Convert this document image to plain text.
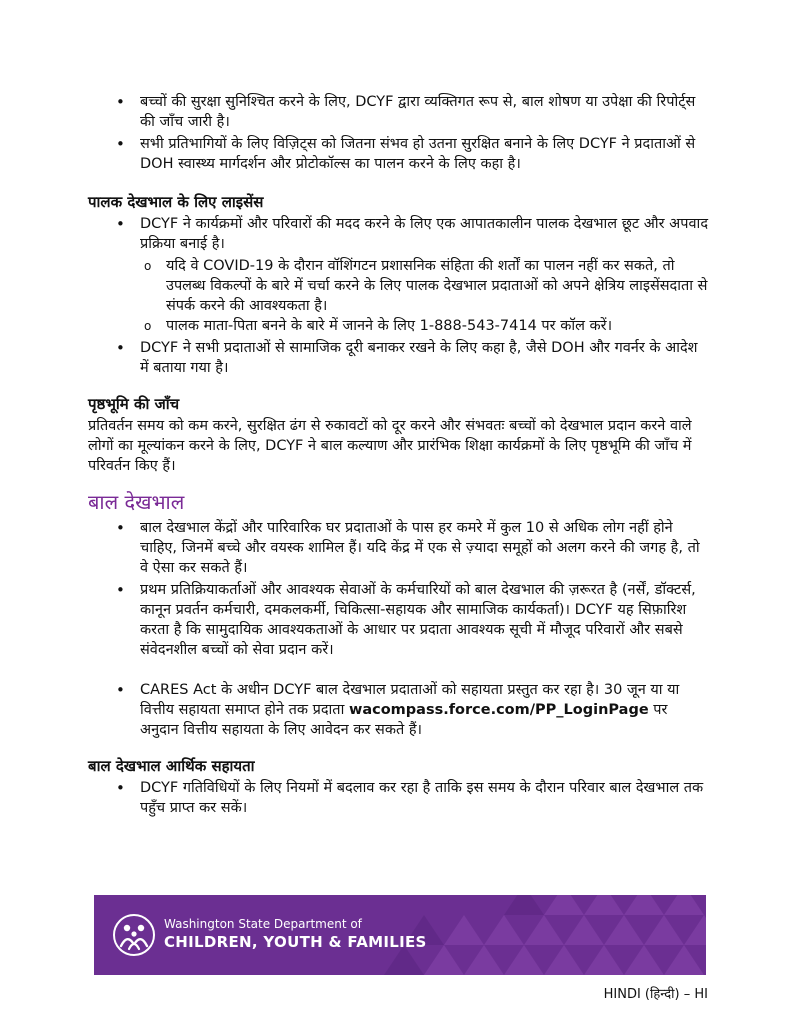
• बच्चों की सुरक्षा सुनिश्चित करने के लिए, DCYF द्वारा व्यक्तिगत रूप से, बाल शोषण या उपेक्षा की रिपोर्ट्स की जाँच जारी है।
• सभी प्रतिभागियों के लिए विज़िट्स को जितना संभव हो उतना सुरक्षित बनाने के लिए DCYF ने प्रदाताओं से DOH स्वास्थ्य मार्गदर्शन और प्रोटोकॉल्स का पालन करने के लिए कहा है।
पालक देखभाल के लिए लाइसेंस
• DCYF ने कार्यक्रमों और परिवारों की मदद करने के लिए एक आपातकालीन पालक देखभाल छूट और अपवाद प्रक्रिया बनाई है।
o यदि वे COVID-19 के दौरान वॉशिंगटन प्रशासनिक संहिता की शर्तों का पालन नहीं कर सकते, तो उपलब्ध विकल्पों के बारे में चर्चा करने के लिए पालक देखभाल प्रदाताओं को अपने क्षेत्रिय लाइसेंसदाता से संपर्क करने की आवश्यकता है।
o पालक माता-पिता बनने के बारे में जानने के लिए 1-888-543-7414 पर कॉल करें।
• DCYF ने सभी प्रदाताओं से सामाजिक दूरी बनाकर रखने के लिए कहा है, जैसे DOH और गवर्नर के आदेश में बताया गया है।
पृष्ठभूमि की जाँच

प्रतिवर्तन समय को कम करने, सुरक्षित ढंग से रुकावटों को दूर करने और संभवतः बच्चों को देखभाल प्रदान करने वाले लोगों का मूल्यांकन करने के लिए, DCYF ने बाल कल्याण और प्रारंभिक शिक्षा कार्यक्रमों के लिए पृष्ठभूमि की जाँच में परिवर्तन किए हैं।

बाल देखभाल
• बाल देखभाल केंद्रों और पारिवारिक घर प्रदाताओं के पास हर कमरे में कुल 10 से अधिक लोग नहीं होने चाहिए, जिनमें बच्चे और वयस्क शामिल हैं। यदि केंद्र में एक से ज़्यादा समूहों को अलग करने की जगह है, तो वे ऐसा कर सकते हैं।
• प्रथम प्रतिक्रियाकर्ताओं और आवश्यक सेवाओं के कर्मचारियों को बाल देखभाल की ज़रूरत है (नर्सें, डॉक्टर्स, कानून प्रवर्तन कर्मचारी, दमकलकर्मी, चिकित्सा-सहायक और सामाजिक कार्यकर्ता)। DCYF यह सिफ़ारिश करता है कि सामुदायिक आवश्यकताओं के आधार पर प्रदाता आवश्यक सूची में मौजूद परिवारों और सबसे संवेदनशील बच्चों को सेवा प्रदान करें।
• CARES Act के अधीन DCYF बाल देखभाल प्रदाताओं को सहायता प्रस्तुत कर रहा है। 30 जून या या वित्तीय सहायता समाप्त होने तक प्रदाता wacompass.force.com/PP_LoginPage पर अनुदान वित्तीय सहायता के लिए आवेदन कर सकते हैं।
बाल देखभाल आर्थिक सहायता
• DCYF गतिविधियों के लिए नियमों में बदलाव कर रहा है ताकि इस समय के दौरान परिवार बाल देखभाल तक पहुँच प्राप्त कर सकें।
Washington State Department of
CHILDREN, YOUTH & FAMILIES
HINDI (हिन्दी) – HI
